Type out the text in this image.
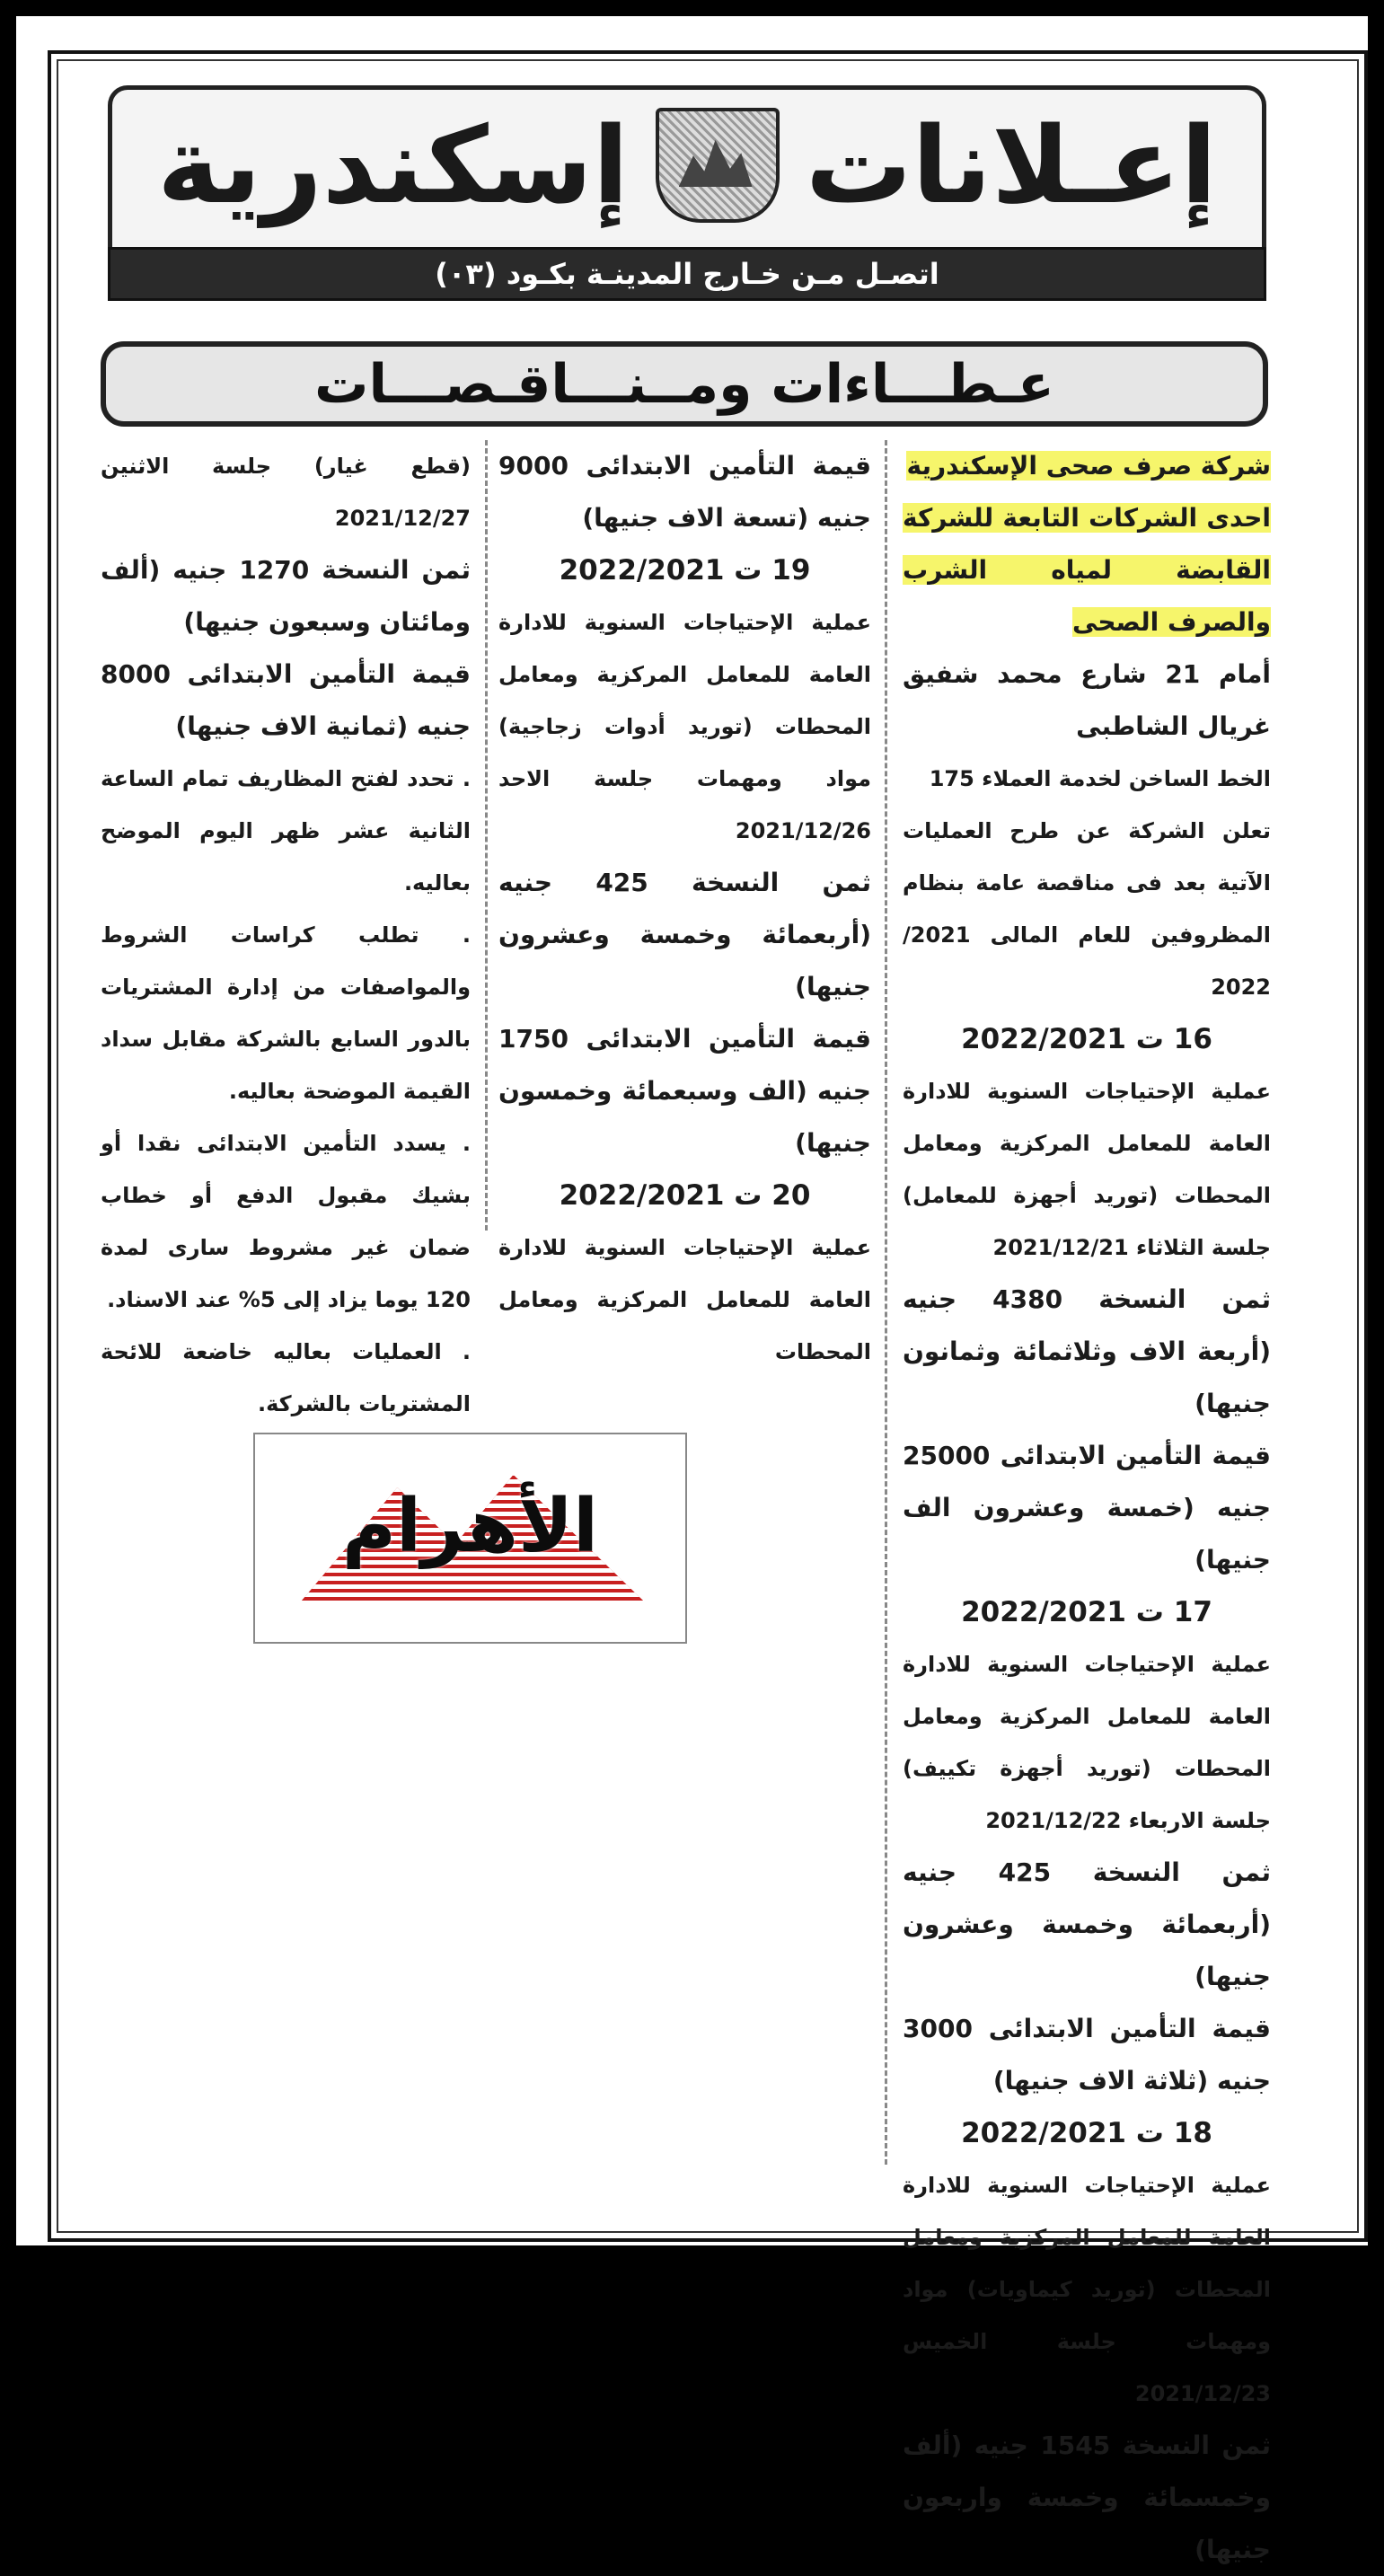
إسكندرية إعـلانات
اتصـل مـن خـارج المدينـة بكـود (٠٣)
عـطـــاءات ومــنـــاقـصـــات

شركة صرف صحى الإسكندرية

احدى الشركات التابعة للشركة القابضة لمياه الشرب والصرف الصحى

أمام 21 شارع محمد شفيق غريال الشاطبى

الخط الساخن لخدمة العملاء 175

تعلن الشركة عن طرح العمليات الآتية بعد فى مناقصة عامة بنظام المظروفين للعام المالى 2021/ 2022

16 ت 2022/2021

عملية الإحتياجات السنوية للادارة العامة للمعامل المركزية ومعامل المحطات (توريد أجهزة للمعامل) جلسة الثلاثاء 2021/12/21

ثمن النسخة 4380 جنيه (أربعة الاف وثلاثمائة وثمانون جنيها)

قيمة التأمين الابتدائى 25000 جنيه (خمسة وعشرون الف جنيها)

17 ت 2022/2021

عملية الإحتياجات السنوية للادارة العامة للمعامل المركزية ومعامل المحطات (توريد أجهزة تكييف) جلسة الاربعاء 2021/12/22

ثمن النسخة 425 جنيه (أربعمائة وخمسة وعشرون جنيها)

قيمة التأمين الابتدائى 3000 جنيه (ثلاثة الاف جنيها)

18 ت 2022/2021

عملية الإحتياجات السنوية للادارة العامة للمعامل المركزية ومعامل المحطات (توريد كيماويات) مواد ومهمات جلسة الخميس 2021/12/23

ثمن النسخة 1545 جنيه (ألف وخمسمائة وخمسة واربعون جنيها)

قيمة التأمين الابتدائى 9000 جنيه (تسعة الاف جنيها)

19 ت 2022/2021

عملية الإحتياجات السنوية للادارة العامة للمعامل المركزية ومعامل المحطات (توريد أدوات زجاجية) مواد ومهمات جلسة الاحد 2021/12/26

ثمن النسخة 425 جنيه (أربعمائة وخمسة وعشرون جنيها)

قيمة التأمين الابتدائى 1750 جنيه (الف وسبعمائة وخمسون جنيها)

20 ت 2022/2021

عملية الإحتياجات السنوية للادارة العامة للمعامل المركزية ومعامل المحطات

(قطع غيار) جلسة الاثنين 2021/12/27

ثمن النسخة 1270 جنيه (ألف ومائتان وسبعون جنيها)

قيمة التأمين الابتدائى 8000 جنيه (ثمانية الاف جنيها)

. تحدد لفتح المظاريف تمام الساعة الثانية عشر ظهر اليوم الموضح بعاليه.

. تطلب كراسات الشروط والمواصفات من إدارة المشتريات بالدور السابع بالشركة مقابل سداد القيمة الموضحة بعاليه.

. يسدد التأمين الابتدائى نقدا أو بشيك مقبول الدفع أو خطاب ضمان غير مشروط سارى لمدة 120 يوما يزاد إلى 5% عند الاسناد.

. العمليات بعاليه خاضعة للائحة المشتريات بالشركة.

الأهرام
